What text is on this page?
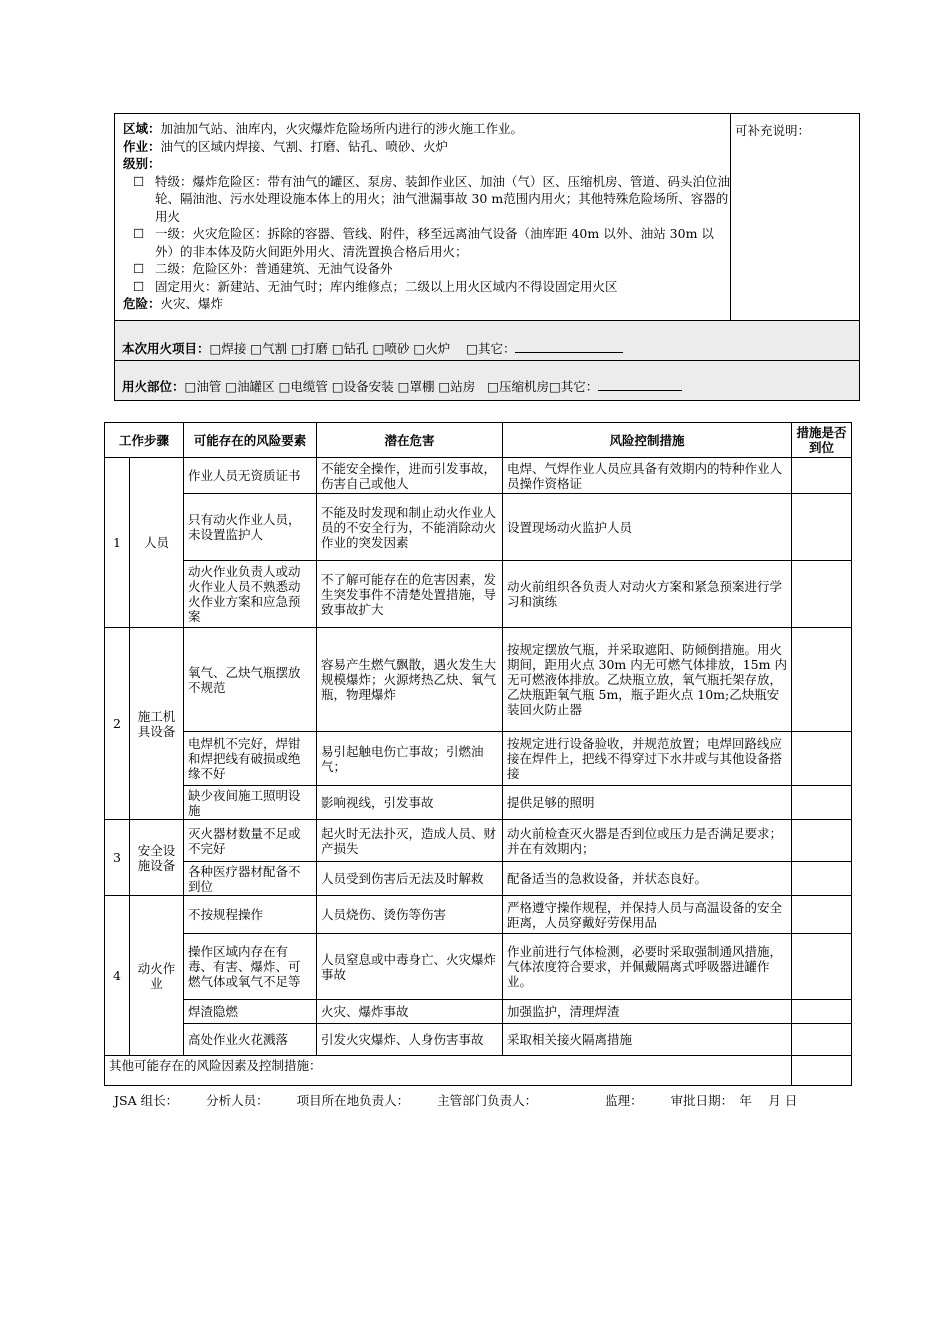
区域：加油加气站、油库内，火灾爆炸危险场所内进行的涉火施工作业。
作业：油气的区域内焊接、气割、打磨、钻孔、喷砂、火炉
级别：
☐ 特级：爆炸危险区：带有油气的罐区、泵房、装卸作业区、加油（气）区、压缩机房、管道、码头泊位油轮、隔油池、污水处理设施本体上的用火；油气泄漏事故 30 m范围内用火；其他特殊危险场所、容器的用火
☐ 一级：火灾危险区：拆除的容器、管线、附件，移至远离油气设备（油库距 40m 以外、油站 30m 以外）的非本体及防火间距外用火、清洗置换合格后用火；
☐ 二级：危险区外：普通建筑、无油气设备外
☐ 固定用火：新建站、无油气时；库内维修点；二级以上用火区域内不得设固定用火区
危险：火灾、爆炸
可补充说明：
本次用火项目：□焊接 □气割 □打磨 □钻孔 □喷砂 □火炉 □其它：
用火部位：□油管 □油罐区 □电缆管 □设备安装 □罩棚 □站房 □压缩机房□其它：
工作步骤		可能存在的风险要素	潜在危害	风险控制措施	措施是否到位
1	人员	作业人员无资质证书	不能安全操作，进而引发事故，伤害自己或他人	电焊、气焊作业人员应具备有效期内的特种作业人员操作资格证	
		只有动火作业人员，未设置监护人	不能及时发现和制止动火作业人员的不安全行为，不能消除动火作业的突发因素	设置现场动火监护人员	
		动火作业负责人或动火作业人员不熟悉动火作业方案和应急预案	不了解可能存在的危害因素，发生突发事件不清楚处置措施，导致事故扩大	动火前组织各负责人对动火方案和紧急预案进行学习和演练	
2	施工机具设备	氧气、乙炔气瓶摆放不规范	容易产生燃气飘散，遇火发生大规模爆炸；火源烤热乙炔、氧气瓶，物理爆炸	按规定摆放气瓶，并采取遮阳、防倾倒措施。用火期间，距用火点 30m 内无可燃气体排放，15m 内无可燃液体排放。乙炔瓶立放，氧气瓶托架存放，乙炔瓶距氧气瓶 5m，瓶子距火点 10m;乙炔瓶安装回火防止器	
		电焊机不完好，焊钳和焊把线有破损或绝缘不好	易引起触电伤亡事故；引燃油气；	按规定进行设备验收，并规范放置；电焊回路线应接在焊件上，把线不得穿过下水井或与其他设备搭接	
		缺少夜间施工照明设施	影响视线，引发事故	提供足够的照明	
3	安全设施设备	灭火器材数量不足或不完好	起火时无法扑灭，造成人员、财产损失	动火前检查灭火器是否到位或压力是否满足要求；并在有效期内；	
		各种医疗器材配备不到位	人员受到伤害后无法及时解救	配备适当的急救设备，并状态良好。	
4	动火作业	不按规程操作	人员烧伤、烫伤等伤害	严格遵守操作规程，并保持人员与高温设备的安全距离，人员穿戴好劳保用品	
		操作区域内存在有毒、有害、爆炸、可燃气体或氧气不足等	人员窒息或中毒身亡、火灾爆炸事故	作业前进行气体检测，必要时采取强制通风措施，气体浓度符合要求，并佩戴隔离式呼吸器进罐作业。	
		焊渣隐燃	火灾、爆炸事故	加强监护，清理焊渣	
		高处作业火花溅落	引发火灾爆炸、人身伤害事故	采取相关接火隔离措施	
其他可能存在的风险因素及控制措施：					
JSA 组长： 分析人员： 项目所在地负责人： 主管部门负责人：	监理： 审批日期：　年　 月 日
